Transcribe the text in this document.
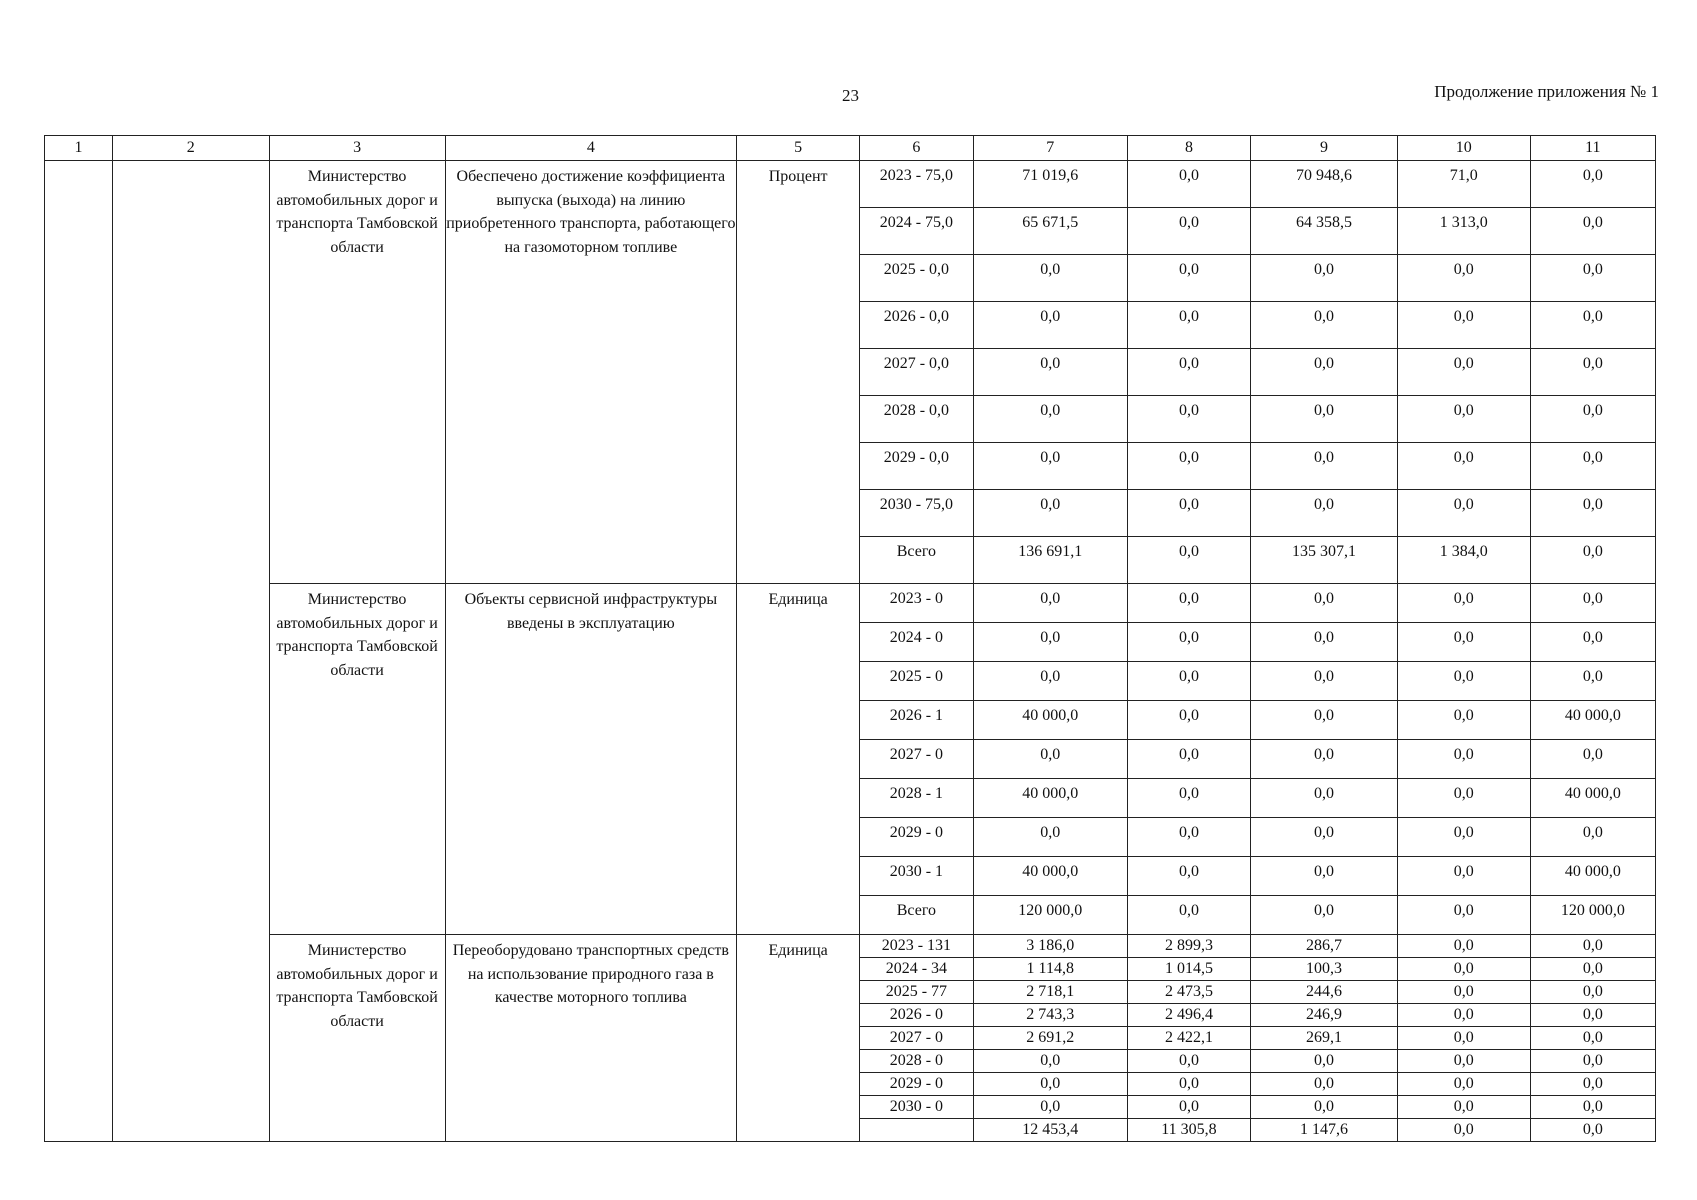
23	Продолжение приложения № 1
1	2	3	4	5	6	7	8	9	10	11
		Министерство автомобильных дорог и транспорта Тамбовской области	Обеспечено достижение коэффициента выпуска (выхода) на линию приобретенного транспорта, работающего на газомоторном топливе	Процент	2023 - 75,0	71 019,6	0,0	70 948,6	71,0	0,0
					2024 - 75,0	65 671,5	0,0	64 358,5	1 313,0	0,0
					2025 - 0,0	0,0	0,0	0,0	0,0	0,0
					2026 - 0,0	0,0	0,0	0,0	0,0	0,0
					2027 - 0,0	0,0	0,0	0,0	0,0	0,0
					2028 - 0,0	0,0	0,0	0,0	0,0	0,0
					2029 - 0,0	0,0	0,0	0,0	0,0	0,0
					2030 - 75,0	0,0	0,0	0,0	0,0	0,0
					Всего	136 691,1	0,0	135 307,1	1 384,0	0,0
		Министерство автомобильных дорог и транспорта Тамбовской области	Объекты сервисной инфраструктуры введены в эксплуатацию	Единица	2023 - 0	0,0	0,0	0,0	0,0	0,0
					2024 - 0	0,0	0,0	0,0	0,0	0,0
					2025 - 0	0,0	0,0	0,0	0,0	0,0
					2026 - 1	40 000,0	0,0	0,0	0,0	40 000,0
					2027 - 0	0,0	0,0	0,0	0,0	0,0
					2028 - 1	40 000,0	0,0	0,0	0,0	40 000,0
					2029 - 0	0,0	0,0	0,0	0,0	0,0
					2030 - 1	40 000,0	0,0	0,0	0,0	40 000,0
					Всего	120 000,0	0,0	0,0	0,0	120 000,0
		Министерство автомобильных дорог и транспорта Тамбовской области	Переоборудовано транспортных средств на использование природного газа в качестве моторного топлива	Единица	2023 - 131	3 186,0	2 899,3	286,7	0,0	0,0
					2024 - 34	1 114,8	1 014,5	100,3	0,0	0,0
					2025 - 77	2 718,1	2 473,5	244,6	0,0	0,0
					2026 - 0	2 743,3	2 496,4	246,9	0,0	0,0
					2027 - 0	2 691,2	2 422,1	269,1	0,0	0,0
					2028 - 0	0,0	0,0	0,0	0,0	0,0
					2029 - 0	0,0	0,0	0,0	0,0	0,0
					2030 - 0	0,0	0,0	0,0	0,0	0,0
						12 453,4	11 305,8	1 147,6	0,0	0,0
